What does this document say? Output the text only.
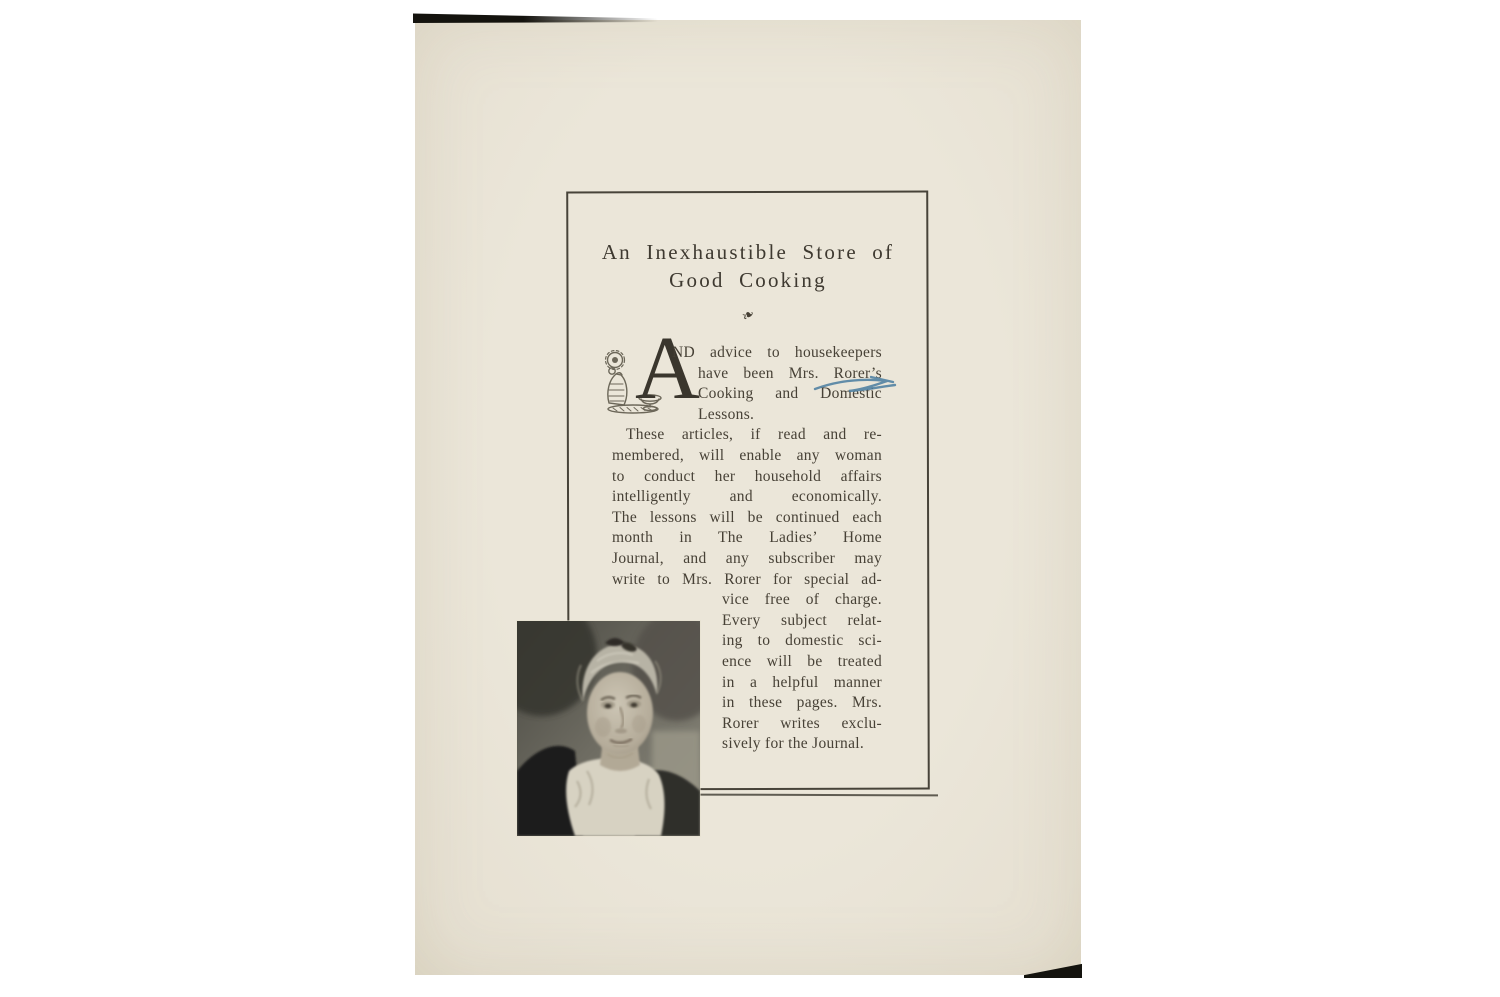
An Inexhaustible Store of
Good Cooking
❧
A
ND advice to housekeepers
have been Mrs. Rorer’s
Cooking and Domestic
Lessons.
These articles, if read and re-
membered, will enable any woman
to conduct her household affairs
intelligently and economically.
The lessons will be continued each
month in The Ladies’ Home
Journal, and any subscriber may
write to Mrs. Rorer for special ad-
vice free of charge.
Every subject relat-
ing to domestic sci-
ence will be treated
in a helpful manner
in these pages. Mrs.
Rorer writes exclu-
sively for the Journal.
